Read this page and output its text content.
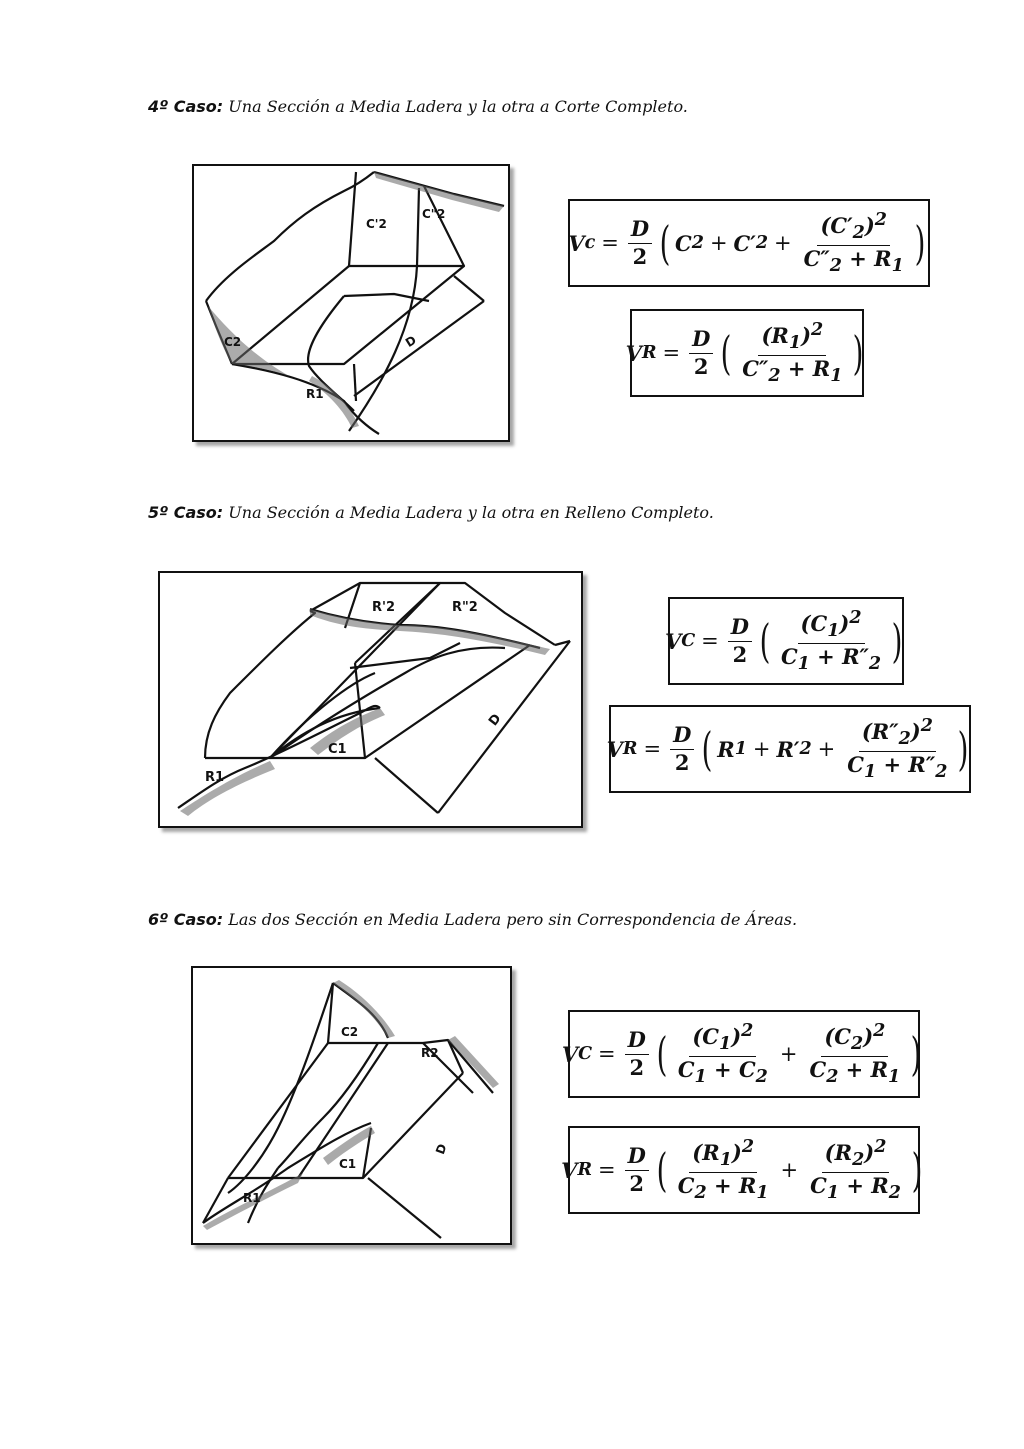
4º Caso: Una Sección a Media Ladera y la otra a Corte Completo.
C'2
C"2
C2
R1
D
V $c = \frac{D}{2}$ ( C 2 + C′ $2 + \frac{(C'_2)^2}{C''_2 + R_1}$ )
V $R = \frac{D}{2}$ ( $\frac{(R_1)^2}{C''_2 + R_1}$ )
5º Caso: Una Sección a Media Ladera y la otra en Relleno Completo.
R'2	R"2
C1
R1
D
V $C = \frac{D}{2}$ ( $\frac{(C_1)^2}{C_1 + R''_2}$ )
V $R = \frac{D}{2}$ ( R 1 + R′ $2 + \frac{(R''_2)^2}{C_1 + R''_2}$ )
6º Caso: Las dos Sección en Media Ladera pero sin Correspondencia de Áreas.
C2
R2
C1
R1
D
V $C = \frac{D}{2}$ ( $\frac{(C_1)^2}{C_1 + C_2} + \frac{(C_2)^2}{C_2 + R_1}$ )
V $R = \frac{D}{2}$ ( $\frac{(R_1)^2}{C_2 + R_1} + \frac{(R_2)^2}{C_1 + R_2}$ )
